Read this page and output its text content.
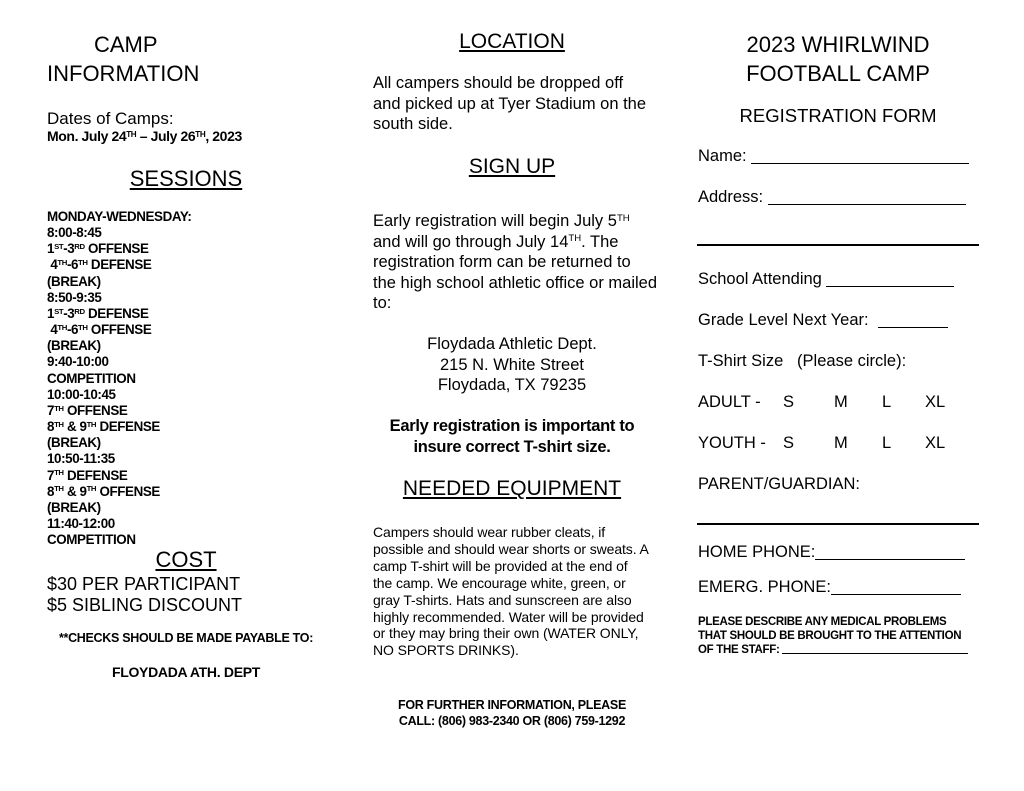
CAMP
INFORMATION
Dates of Camps:
Mon. July 24TH – July 26TH, 2023
SESSIONS
MONDAY-WEDNESDAY:
8:00-8:45
1ST-3RD OFFENSE
4TH-6TH DEFENSE
(BREAK)
8:50-9:35
1ST-3RD DEFENSE
4TH-6TH OFFENSE
(BREAK)
9:40-10:00
COMPETITION
10:00-10:45
7TH OFFENSE
8TH & 9TH DEFENSE
(BREAK)
10:50-11:35
7TH DEFENSE
8TH & 9TH OFFENSE
(BREAK)
11:40-12:00
COMPETITION
COST
$30 PER PARTICIPANT
$5 SIBLING DISCOUNT
**CHECKS SHOULD BE MADE PAYABLE TO:
FLOYDADA ATH. DEPT
LOCATION
All campers should be dropped off and picked up at Tyer Stadium on the south side.
SIGN UP
Early registration will begin July 5TH and will go through July 14TH. The registration form can be returned to the high school athletic office or mailed to:
Floydada Athletic Dept.
215 N. White Street
Floydada, TX 79235
Early registration is important to insure correct T-shirt size.
NEEDED EQUIPMENT
Campers should wear rubber cleats, if possible and should wear shorts or sweats. A camp T-shirt will be provided at the end of the camp. We encourage white, green, or gray T-shirts. Hats and sunscreen are also highly recommended. Water will be provided or they may bring their own (WATER ONLY, NO SPORTS DRINKS).
FOR FURTHER INFORMATION, PLEASE
CALL: (806) 983-2340 OR (806) 759-1292
2023 WHIRLWIND
FOOTBALL CAMP
REGISTRATION FORM
Name:
Address:
School Attending
Grade Level Next Year:
T-Shirt Size (Please circle):
ADULT - S M L XL
YOUTH - S M L XL
PARENT/GUARDIAN:
HOME PHONE:
EMERG. PHONE:
PLEASE DESCRIBE ANY MEDICAL PROBLEMS
THAT SHOULD BE BROUGHT TO THE ATTENTION
OF THE STAFF:
